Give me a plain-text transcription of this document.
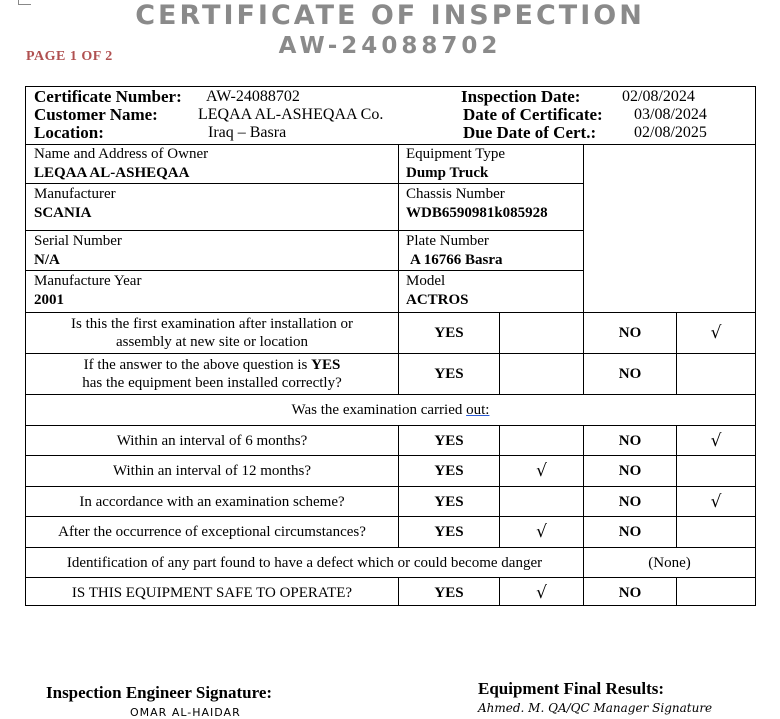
CERTIFICATE OF INSPECTION
AW-24088702
PAGE 1 OF 2
Certificate Number: AW-24088702
Customer Name:	LEQAA AL-ASHEQAA Co.
Location:	Iraq – Basra
Inspection Date:	02/08/2024
Date of Certificate: 03/08/2024
Due Date of Cert.: 02/08/2025
Name and Address of Owner
LEQAA AL-ASHEQAA
Equipment Type
Dump Truck
Manufacturer
SCANIA
Chassis Number
WDB6590981k085928
Serial Number
N/A
Plate Number
A 16766 Basra
Manufacture Year
2001
Model
ACTROS
Is this the first examination after installation or
assembly at new site or location
YES	NO	√
If the answer to the above question is YES
has the equipment been installed correctly?
YES	NO
Was the examination carried
out:
Within an interval of 6 months?	YES	NO	√
Within an interval of 12 months?	YES	√	NO
In accordance with an examination scheme?	YES	NO	√
After the occurrence of exceptional circumstances?	YES	√	NO
Identification of any part found to have a defect which or could become danger	(None)
IS THIS EQUIPMENT SAFE TO OPERATE?	YES	√	NO
Inspection Engineer Signature:
OMAR AL-HAIDAR
Equipment Final Results:
Ahmed. M. QA/QC Manager Signature
